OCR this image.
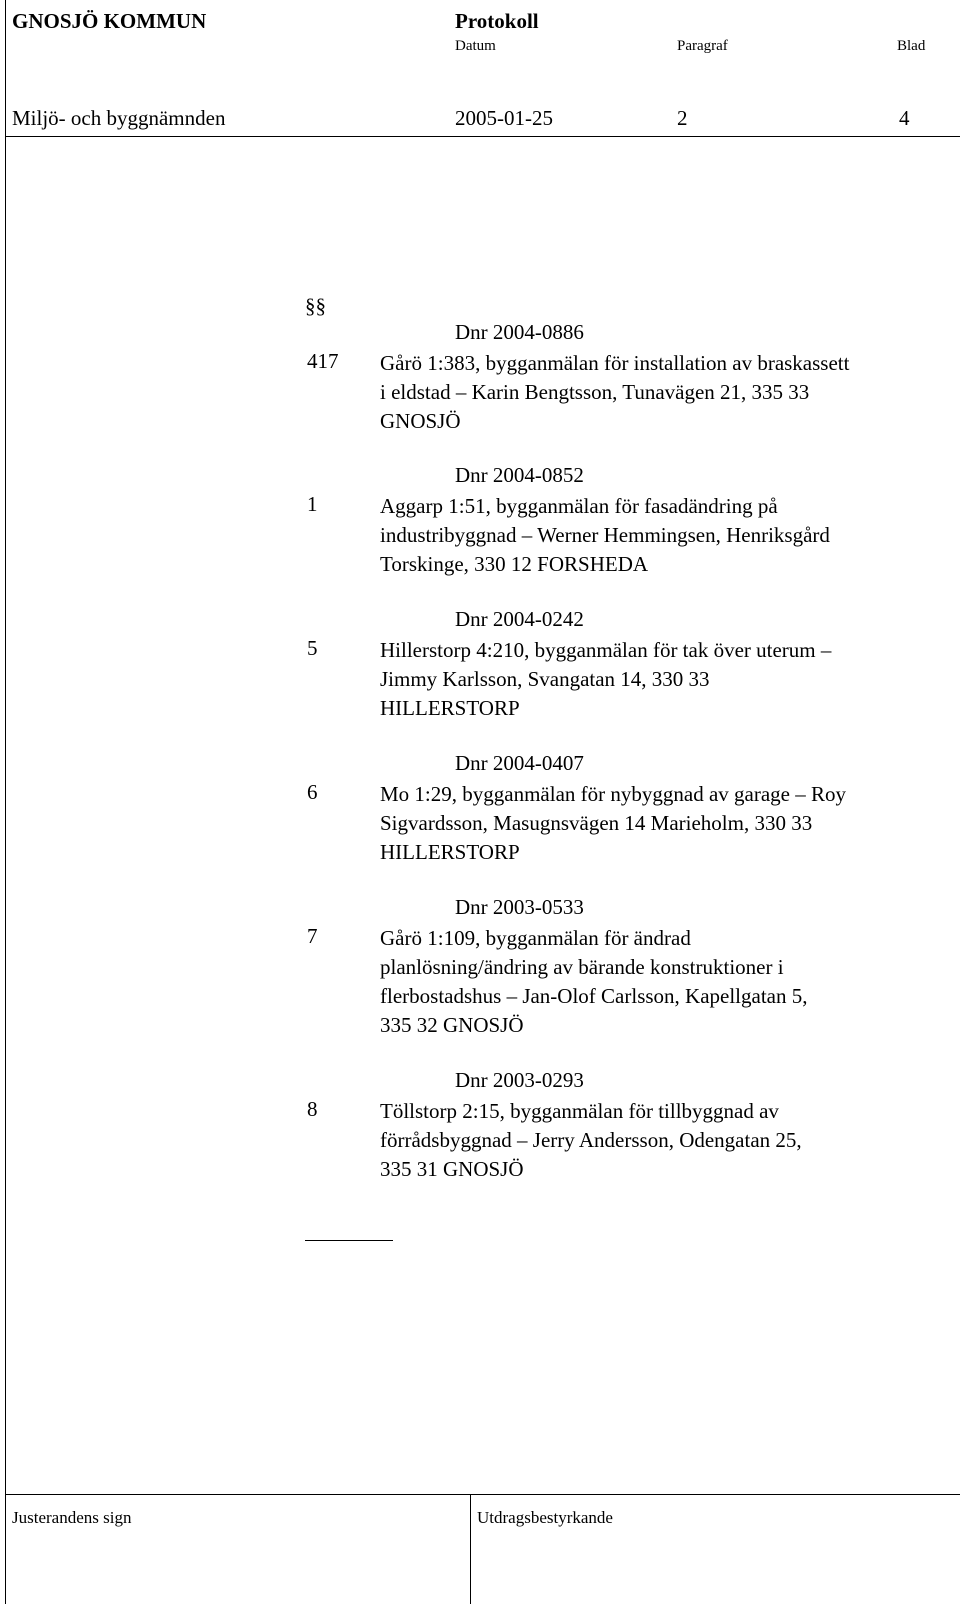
GNOSJÖ KOMMUN	Protokoll
Datum	Paragraf	Blad
Miljö- och byggnämnden	2005-01-25	2	4
§§
Dnr 2004-0886
417 Gårö 1:383, bygganmälan för installation av braskassett
i eldstad – Karin Bengtsson, Tunavägen 21, 335 33
GNOSJÖ
Dnr 2004-0852
1	Aggarp 1:51, bygganmälan för fasadändring på
industribyggnad – Werner Hemmingsen, Henriksgård
Torskinge, 330 12 FORSHEDA
Dnr 2004-0242
5	Hillerstorp 4:210, bygganmälan för tak över uterum –
Jimmy Karlsson, Svangatan 14, 330 33
HILLERSTORP
Dnr 2004-0407
6	Mo 1:29, bygganmälan för nybyggnad av garage – Roy
Sigvardsson, Masugnsvägen 14 Marieholm, 330 33
HILLERSTORP
Dnr 2003-0533
7	Gårö 1:109, bygganmälan för ändrad
planlösning/ändring av bärande konstruktioner i
flerbostadshus – Jan-Olof Carlsson, Kapellgatan 5,
335 32 GNOSJÖ
Dnr 2003-0293
8	Töllstorp 2:15, bygganmälan för tillbyggnad av
förrådsbyggnad – Jerry Andersson, Odengatan 25,
335 31 GNOSJÖ
Justerandens sign	Utdragsbestyrkande
